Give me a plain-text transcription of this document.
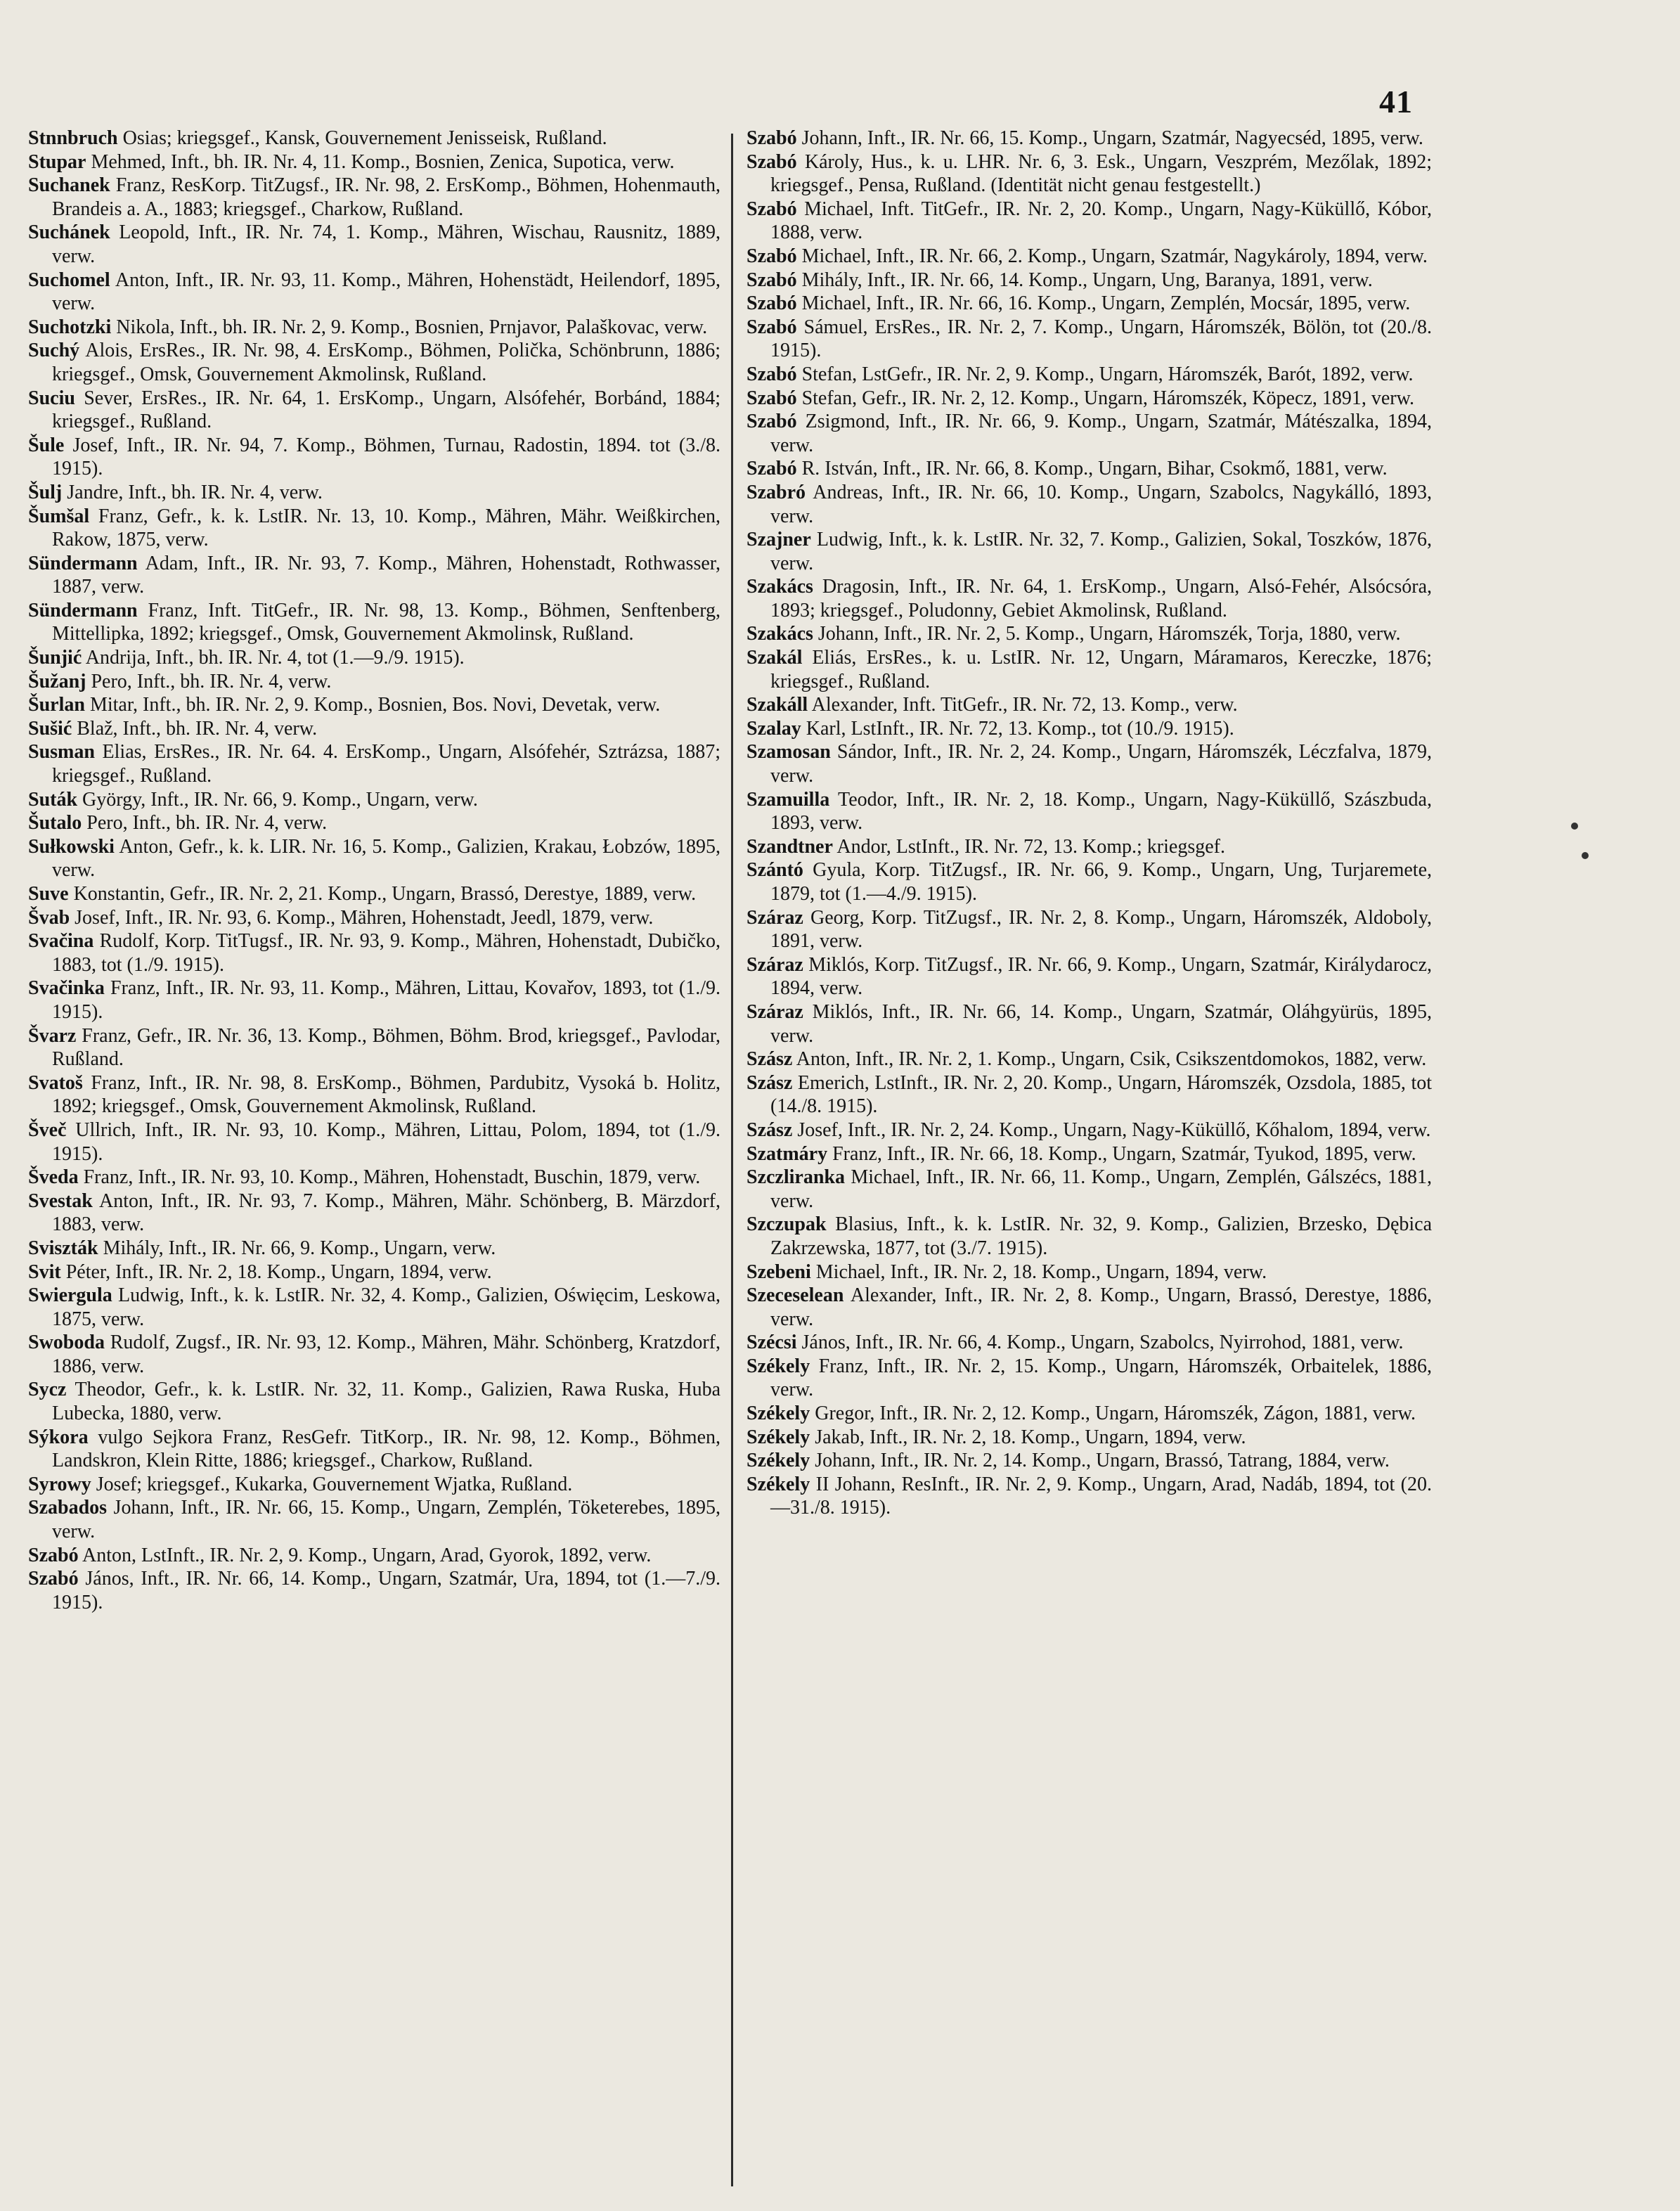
41

Stnnbruch Osias; kriegsgef., Kansk, Gouvernement Jenisseisk, Rußland.

Stupar Mehmed, Inft., bh. IR. Nr. 4, 11. Komp., Bosnien, Zenica, Supotica, verw.

Suchanek Franz, ResKorp. TitZugsf., IR. Nr. 98, 2. ErsKomp., Böhmen, Hohenmauth, Brandeis a. A., 1883; kriegsgef., Charkow, Rußland.

Suchánek Leopold, Inft., IR. Nr. 74, 1. Komp., Mähren, Wischau, Rausnitz, 1889, verw.

Suchomel Anton, Inft., IR. Nr. 93, 11. Komp., Mähren, Hohenstädt, Heilendorf, 1895, verw.

Suchotzki Nikola, Inft., bh. IR. Nr. 2, 9. Komp., Bosnien, Prnjavor, Palaškovac, verw.

Suchý Alois, ErsRes., IR. Nr. 98, 4. ErsKomp., Böhmen, Polička, Schönbrunn, 1886; kriegsgef., Omsk, Gouvernement Akmolinsk, Rußland.

Suciu Sever, ErsRes., IR. Nr. 64, 1. ErsKomp., Ungarn, Alsófehér, Borbánd, 1884; kriegsgef., Rußland.

Šule Josef, Inft., IR. Nr. 94, 7. Komp., Böhmen, Turnau, Radostin, 1894. tot (3./8. 1915).

Šulj Jandre, Inft., bh. IR. Nr. 4, verw.

Šumšal Franz, Gefr., k. k. LstIR. Nr. 13, 10. Komp., Mähren, Mähr. Weißkirchen, Rakow, 1875, verw.

Sündermann Adam, Inft., IR. Nr. 93, 7. Komp., Mähren, Hohenstadt, Rothwasser, 1887, verw.

Sündermann Franz, Inft. TitGefr., IR. Nr. 98, 13. Komp., Böhmen, Senftenberg, Mittellipka, 1892; kriegsgef., Omsk, Gouvernement Akmolinsk, Rußland.

Šunjić Andrija, Inft., bh. IR. Nr. 4, tot (1.—9./9. 1915).

Šužanj Pero, Inft., bh. IR. Nr. 4, verw.

Šurlan Mitar, Inft., bh. IR. Nr. 2, 9. Komp., Bosnien, Bos. Novi, Devetak, verw.

Sušić Blaž, Inft., bh. IR. Nr. 4, verw.

Susman Elias, ErsRes., IR. Nr. 64. 4. ErsKomp., Ungarn, Alsófehér, Sztrázsa, 1887; kriegsgef., Rußland.

Suták György, Inft., IR. Nr. 66, 9. Komp., Ungarn, verw.

Šutalo Pero, Inft., bh. IR. Nr. 4, verw.

Sułkowski Anton, Gefr., k. k. LIR. Nr. 16, 5. Komp., Galizien, Krakau, Łobzów, 1895, verw.

Suve Konstantin, Gefr., IR. Nr. 2, 21. Komp., Ungarn, Brassó, Derestye, 1889, verw.

Švab Josef, Inft., IR. Nr. 93, 6. Komp., Mähren, Hohenstadt, Jeedl, 1879, verw.

Svačina Rudolf, Korp. TitTugsf., IR. Nr. 93, 9. Komp., Mähren, Hohenstadt, Dubičko, 1883, tot (1./9. 1915).

Svačinka Franz, Inft., IR. Nr. 93, 11. Komp., Mähren, Littau, Kovařov, 1893, tot (1./9. 1915).

Švarz Franz, Gefr., IR. Nr. 36, 13. Komp., Böhmen, Böhm. Brod, kriegsgef., Pavlodar, Rußland.

Svatoš Franz, Inft., IR. Nr. 98, 8. ErsKomp., Böhmen, Pardubitz, Vysoká b. Holitz, 1892; kriegsgef., Omsk, Gouvernement Akmolinsk, Rußland.

Šveč Ullrich, Inft., IR. Nr. 93, 10. Komp., Mähren, Littau, Polom, 1894, tot (1./9. 1915).

Šveda Franz, Inft., IR. Nr. 93, 10. Komp., Mähren, Hohenstadt, Buschin, 1879, verw.

Svestak Anton, Inft., IR. Nr. 93, 7. Komp., Mähren, Mähr. Schönberg, B. Märzdorf, 1883, verw.

Sviszták Mihály, Inft., IR. Nr. 66, 9. Komp., Ungarn, verw.

Svit Péter, Inft., IR. Nr. 2, 18. Komp., Ungarn, 1894, verw.

Swiergula Ludwig, Inft., k. k. LstIR. Nr. 32, 4. Komp., Galizien, Oświęcim, Leskowa, 1875, verw.

Swoboda Rudolf, Zugsf., IR. Nr. 93, 12. Komp., Mähren, Mähr. Schönberg, Kratzdorf, 1886, verw.

Sycz Theodor, Gefr., k. k. LstIR. Nr. 32, 11. Komp., Galizien, Rawa Ruska, Huba Lubecka, 1880, verw.

Sýkora vulgo Sejkora Franz, ResGefr. TitKorp., IR. Nr. 98, 12. Komp., Böhmen, Landskron, Klein Ritte, 1886; kriegsgef., Charkow, Rußland.

Syrowy Josef; kriegsgef., Kukarka, Gouvernement Wjatka, Rußland.

Szabados Johann, Inft., IR. Nr. 66, 15. Komp., Ungarn, Zemplén, Töketerebes, 1895, verw.

Szabó Anton, LstInft., IR. Nr. 2, 9. Komp., Ungarn, Arad, Gyorok, 1892, verw.

Szabó János, Inft., IR. Nr. 66, 14. Komp., Ungarn, Szatmár, Ura, 1894, tot (1.—7./9. 1915).

Szabó Johann, Inft., IR. Nr. 66, 15. Komp., Ungarn, Szatmár, Nagyecséd, 1895, verw.

Szabó Károly, Hus., k. u. LHR. Nr. 6, 3. Esk., Ungarn, Veszprém, Mezőlak, 1892; kriegsgef., Pensa, Rußland. (Identität nicht genau festgestellt.)

Szabó Michael, Inft. TitGefr., IR. Nr. 2, 20. Komp., Ungarn, Nagy-Küküllő, Kóbor, 1888, verw.

Szabó Michael, Inft., IR. Nr. 66, 2. Komp., Ungarn, Szatmár, Nagykároly, 1894, verw.

Szabó Mihály, Inft., IR. Nr. 66, 14. Komp., Ungarn, Ung, Baranya, 1891, verw.

Szabó Michael, Inft., IR. Nr. 66, 16. Komp., Ungarn, Zemplén, Mocsár, 1895, verw.

Szabó Sámuel, ErsRes., IR. Nr. 2, 7. Komp., Ungarn, Háromszék, Bölön, tot (20./8. 1915).

Szabó Stefan, LstGefr., IR. Nr. 2, 9. Komp., Ungarn, Háromszék, Barót, 1892, verw.

Szabó Stefan, Gefr., IR. Nr. 2, 12. Komp., Ungarn, Háromszék, Köpecz, 1891, verw.

Szabó Zsigmond, Inft., IR. Nr. 66, 9. Komp., Ungarn, Szatmár, Mátészalka, 1894, verw.

Szabó R. István, Inft., IR. Nr. 66, 8. Komp., Ungarn, Bihar, Csokmő, 1881, verw.

Szabró Andreas, Inft., IR. Nr. 66, 10. Komp., Ungarn, Szabolcs, Nagykálló, 1893, verw.

Szajner Ludwig, Inft., k. k. LstIR. Nr. 32, 7. Komp., Galizien, Sokal, Toszków, 1876, verw.

Szakács Dragosin, Inft., IR. Nr. 64, 1. ErsKomp., Ungarn, Alsó-Fehér, Alsócsóra, 1893; kriegsgef., Poludonny, Gebiet Akmolinsk, Rußland.

Szakács Johann, Inft., IR. Nr. 2, 5. Komp., Ungarn, Háromszék, Torja, 1880, verw.

Szakál Eliás, ErsRes., k. u. LstIR. Nr. 12, Ungarn, Máramaros, Kereczke, 1876; kriegsgef., Rußland.

Szakáll Alexander, Inft. TitGefr., IR. Nr. 72, 13. Komp., verw.

Szalay Karl, LstInft., IR. Nr. 72, 13. Komp., tot (10./9. 1915).

Szamosan Sándor, Inft., IR. Nr. 2, 24. Komp., Ungarn, Háromszék, Léczfalva, 1879, verw.

Szamuilla Teodor, Inft., IR. Nr. 2, 18. Komp., Ungarn, Nagy-Küküllő, Szászbuda, 1893, verw.

Szandtner Andor, LstInft., IR. Nr. 72, 13. Komp.; kriegsgef.

Szántó Gyula, Korp. TitZugsf., IR. Nr. 66, 9. Komp., Ungarn, Ung, Turjaremete, 1879, tot (1.—4./9. 1915).

Száraz Georg, Korp. TitZugsf., IR. Nr. 2, 8. Komp., Ungarn, Háromszék, Aldoboly, 1891, verw.

Száraz Miklós, Korp. TitZugsf., IR. Nr. 66, 9. Komp., Ungarn, Szatmár, Királydarocz, 1894, verw.

Száraz Miklós, Inft., IR. Nr. 66, 14. Komp., Ungarn, Szatmár, Oláhgyürüs, 1895, verw.

Szász Anton, Inft., IR. Nr. 2, 1. Komp., Ungarn, Csik, Csikszentdomokos, 1882, verw.

Szász Emerich, LstInft., IR. Nr. 2, 20. Komp., Ungarn, Háromszék, Ozsdola, 1885, tot (14./8. 1915).

Szász Josef, Inft., IR. Nr. 2, 24. Komp., Ungarn, Nagy-Küküllő, Kőhalom, 1894, verw.

Szatmáry Franz, Inft., IR. Nr. 66, 18. Komp., Ungarn, Szatmár, Tyukod, 1895, verw.

Szczliranka Michael, Inft., IR. Nr. 66, 11. Komp., Ungarn, Zemplén, Gálszécs, 1881, verw.

Szczupak Blasius, Inft., k. k. LstIR. Nr. 32, 9. Komp., Galizien, Brzesko, Dębica Zakrzewska, 1877, tot (3./7. 1915).

Szebeni Michael, Inft., IR. Nr. 2, 18. Komp., Ungarn, 1894, verw.

Szeceselean Alexander, Inft., IR. Nr. 2, 8. Komp., Ungarn, Brassó, Derestye, 1886, verw.

Szécsi János, Inft., IR. Nr. 66, 4. Komp., Ungarn, Szabolcs, Nyirrohod, 1881, verw.

Székely Franz, Inft., IR. Nr. 2, 15. Komp., Ungarn, Háromszék, Orbaitelek, 1886, verw.

Székely Gregor, Inft., IR. Nr. 2, 12. Komp., Ungarn, Háromszék, Zágon, 1881, verw.

Székely Jakab, Inft., IR. Nr. 2, 18. Komp., Ungarn, 1894, verw.

Székely Johann, Inft., IR. Nr. 2, 14. Komp., Ungarn, Brassó, Tatrang, 1884, verw.

Székely II Johann, ResInft., IR. Nr. 2, 9. Komp., Ungarn, Arad, Nadáb, 1894, tot (20.—31./8. 1915).
